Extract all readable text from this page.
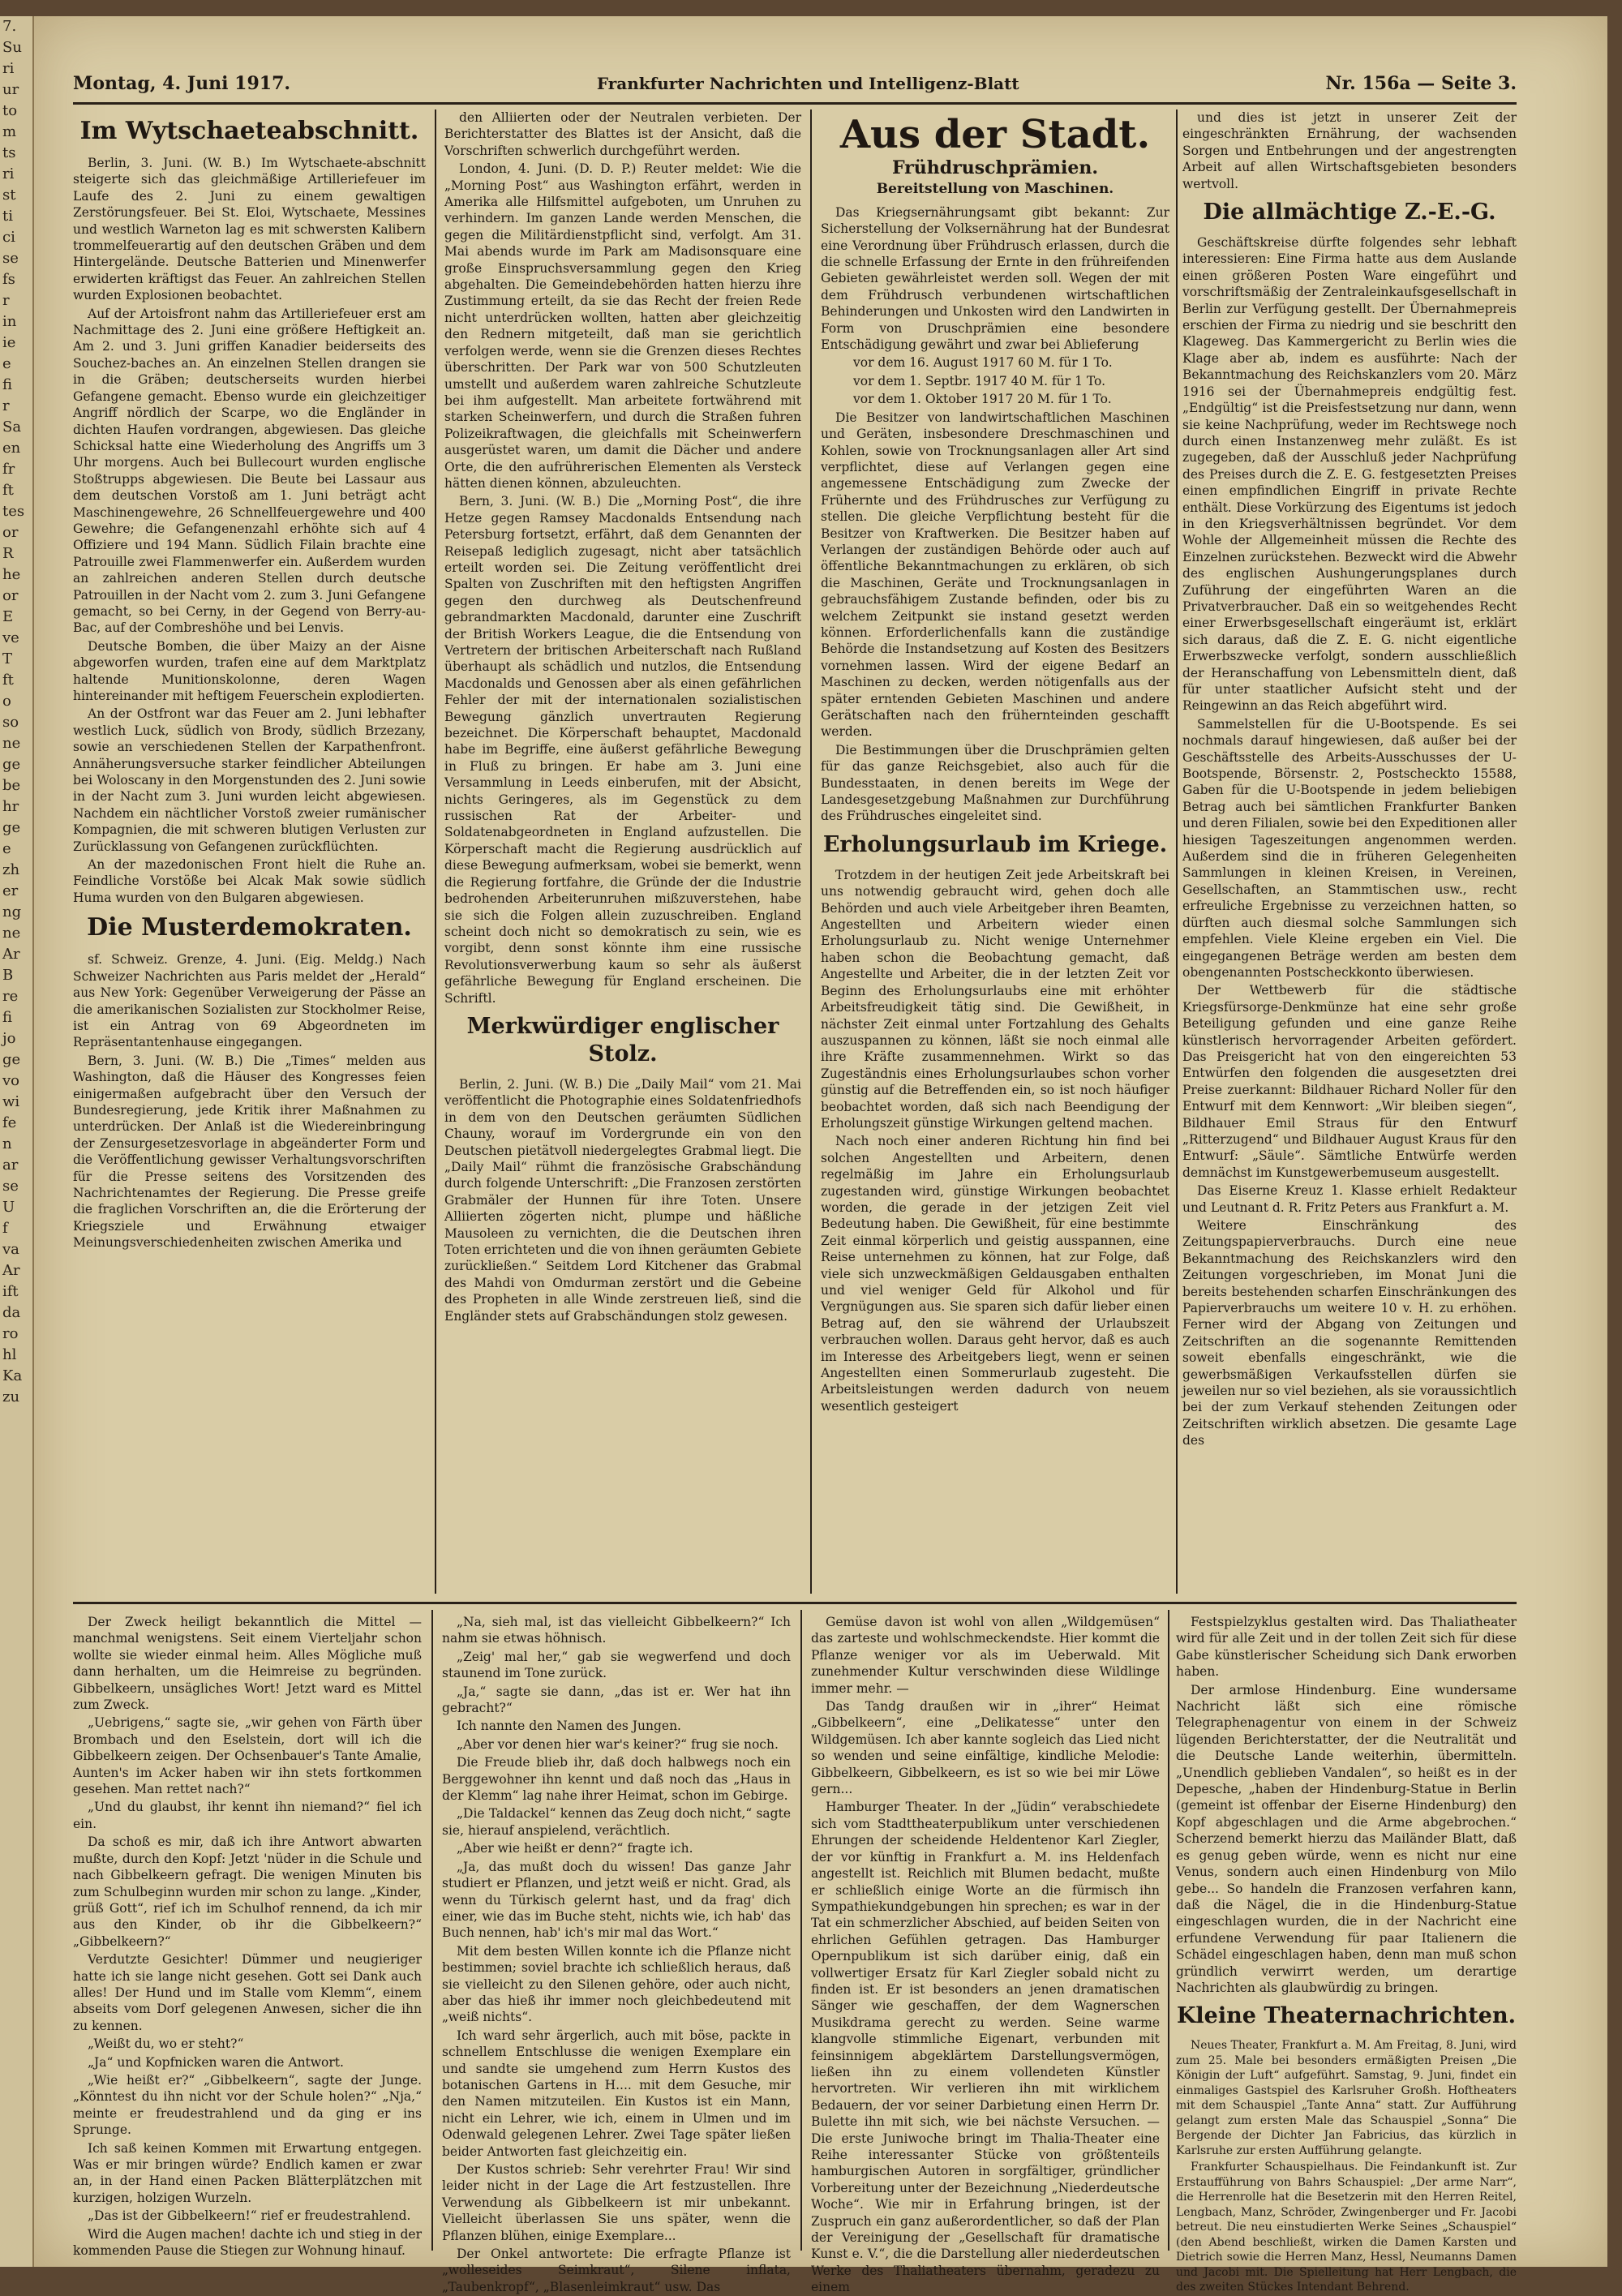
7.
Su
ri
ur
to
m
ts
ri
st
ti
ci
se
fs
r
in
ie
e
fi
r
Sa
en
fr
ft
tes
or
R
he
or
E
ve
T
ft
o
so
ne
ge
be
hr
ge
e
zh
er
ng
ne
Ar
B
re
fi
jo
ge
vo
wi
fe
n
ar
se
U
f
va
Ar
ift
da
ro
hl
Ka
zu
Montag, 4. Juni 1917.	Frankfurter Nachrichten und Intelligenz-Blatt	Nr. 156a — Seite 3.

Im Wytschaeteabschnitt.

Berlin, 3. Juni. (W. B.) Im Wytschaete-abschnitt steigerte sich das gleichmäßige Artilleriefeuer im Laufe des 2. Juni zu einem gewaltigen Zerstörungsfeuer. Bei St. Eloi, Wytschaete, Messines und westlich Warneton lag es mit schwersten Kalibern trommelfeuerartig auf den deutschen Gräben und dem Hintergelände. Deutsche Batterien und Minenwerfer erwiderten kräftigst das Feuer. An zahlreichen Stellen wurden Explosionen beobachtet.

Auf der Artoisfront nahm das Artilleriefeuer erst am Nachmittage des 2. Juni eine größere Heftigkeit an. Am 2. und 3. Juni griffen Kanadier beiderseits des Souchez-baches an. An einzelnen Stellen drangen sie in die Gräben; deutscherseits wurden hierbei Gefangene gemacht. Ebenso wurde ein gleichzeitiger Angriff nördlich der Scarpe, wo die Engländer in dichten Haufen vordrangen, abgewiesen. Das gleiche Schicksal hatte eine Wiederholung des Angriffs um 3 Uhr morgens. Auch bei Bullecourt wurden englische Stoßtrupps abgewiesen. Die Beute bei Lassaur aus dem deutschen Vorstoß am 1. Juni beträgt acht Maschinengewehre, 26 Schnellfeuergewehre und 400 Gewehre; die Gefangenenzahl erhöhte sich auf 4 Offiziere und 194 Mann. Südlich Filain brachte eine Patrouille zwei Flammenwerfer ein. Außerdem wurden an zahlreichen anderen Stellen durch deutsche Patrouillen in der Nacht vom 2. zum 3. Juni Gefangene gemacht, so bei Cerny, in der Gegend von Berry-au-Bac, auf der Combreshöhe und bei Lenvis.

Deutsche Bomben, die über Maizy an der Aisne abgeworfen wurden, trafen eine auf dem Marktplatz haltende Munitionskolonne, deren Wagen hintereinander mit heftigem Feuerschein explodierten.

An der Ostfront war das Feuer am 2. Juni lebhafter westlich Luck, südlich von Brody, südlich Brzezany, sowie an verschiedenen Stellen der Karpathenfront. Annäherungsversuche starker feindlicher Abteilungen bei Woloscany in den Morgenstunden des 2. Juni sowie in der Nacht zum 3. Juni wurden leicht abgewiesen. Nachdem ein nächtlicher Vorstoß zweier rumänischer Kompagnien, die mit schweren blutigen Verlusten zur Zurücklassung von Gefangenen zurückflüchten.

An der mazedonischen Front hielt die Ruhe an. Feindliche Vorstöße bei Alcak Mak sowie südlich Huma wurden von den Bulgaren abgewiesen.

Die Musterdemokraten.

sf. Schweiz. Grenze, 4. Juni. (Eig. Meldg.) Nach Schweizer Nachrichten aus Paris meldet der „Herald“ aus New York: Gegenüber Verweigerung der Pässe an die amerikanischen Sozialisten zur Stockholmer Reise, ist ein Antrag von 69 Abgeordneten im Repräsentantenhause eingegangen.

Bern, 3. Juni. (W. B.) Die „Times“ melden aus Washington, daß die Häuser des Kongresses feien einigermaßen aufgebracht über den Versuch der Bundesregierung, jede Kritik ihrer Maßnahmen zu unterdrücken. Der Anlaß ist die Wiedereinbringung der Zensurgesetzesvorlage in abgeänderter Form und die Veröffentlichung gewisser Verhaltungsvorschriften für die Presse seitens des Vorsitzenden des Nachrichtenamtes der Regierung. Die Presse greife die fraglichen Vorschriften an, die die Erörterung der Kriegsziele und Erwähnung etwaiger Meinungsverschiedenheiten zwischen Amerika und

den Alliierten oder der Neutralen verbieten. Der Berichterstatter des Blattes ist der Ansicht, daß die Vorschriften schwerlich durchgeführt werden.

London, 4. Juni. (D. D. P.) Reuter meldet: Wie die „Morning Post“ aus Washington erfährt, werden in Amerika alle Hilfsmittel aufgeboten, um Unruhen zu verhindern. Im ganzen Lande werden Menschen, die gegen die Militärdienstpflicht sind, verfolgt. Am 31. Mai abends wurde im Park am Madisonsquare eine große Einspruchsversammlung gegen den Krieg abgehalten. Die Gemeindebehörden hatten hierzu ihre Zustimmung erteilt, da sie das Recht der freien Rede nicht unterdrücken wollten, hatten aber gleichzeitig den Rednern mitgeteilt, daß man sie gerichtlich verfolgen werde, wenn sie die Grenzen dieses Rechtes überschritten. Der Park war von 500 Schutzleuten umstellt und außerdem waren zahlreiche Schutzleute bei ihm aufgestellt. Man arbeitete fortwährend mit starken Scheinwerfern, und durch die Straßen fuhren Polizeikraftwagen, die gleichfalls mit Scheinwerfern ausgerüstet waren, um damit die Dächer und andere Orte, die den aufrührerischen Elementen als Versteck hätten dienen können, abzuleuchten.

Bern, 3. Juni. (W. B.) Die „Morning Post“, die ihre Hetze gegen Ramsey Macdonalds Entsendung nach Petersburg fortsetzt, erfährt, daß dem Genannten der Reisepaß lediglich zugesagt, nicht aber tatsächlich erteilt worden sei. Die Zeitung veröffentlicht drei Spalten von Zuschriften mit den heftigsten Angriffen gegen den durchweg als Deutschenfreund gebrandmarkten Macdonald, darunter eine Zuschrift der British Workers League, die die Entsendung von Vertretern der britischen Arbeiterschaft nach Rußland überhaupt als schädlich und nutzlos, die Entsendung Macdonalds und Genossen aber als einen gefährlichen Fehler der mit der internationalen sozialistischen Bewegung gänzlich unvertrauten Regierung bezeichnet. Die Körperschaft behauptet, Macdonald habe im Begriffe, eine äußerst gefährliche Bewegung in Fluß zu bringen. Er habe am 3. Juni eine Versammlung in Leeds einberufen, mit der Absicht, nichts Geringeres, als im Gegenstück zu dem russischen Rat der Arbeiter- und Soldatenabgeordneten in England aufzustellen. Die Körperschaft macht die Regierung ausdrücklich auf diese Bewegung aufmerksam, wobei sie bemerkt, wenn die Regierung fortfahre, die Gründe der die Industrie bedrohenden Arbeiterunruhen mißzuverstehen, habe sie sich die Folgen allein zuzuschreiben. England scheint doch nicht so demokratisch zu sein, wie es vorgibt, denn sonst könnte ihm eine russische Revolutionsverwerbung kaum so sehr als äußerst gefährliche Bewegung für England erscheinen. Die Schriftl.

Merkwürdiger englischer Stolz.

Berlin, 2. Juni. (W. B.) Die „Daily Mail“ vom 21. Mai veröffentlicht die Photographie eines Soldatenfriedhofs in dem von den Deutschen geräumten Südlichen Chauny, worauf im Vordergrunde ein von den Deutschen pietätvoll niedergelegtes Grabmal liegt. Die „Daily Mail“ rühmt die französische Grabschändung durch folgende Unterschrift: „Die Franzosen zerstörten Grabmäler der Hunnen für ihre Toten. Unsere Alliierten zögerten nicht, plumpe und häßliche Mausoleen zu vernichten, die die Deutschen ihren Toten errichteten und die von ihnen geräumten Gebiete zurückließen.“ Seitdem Lord Kitchener das Grabmal des Mahdi von Omdurman zerstört und die Gebeine des Propheten in alle Winde zerstreuen ließ, sind die Engländer stets auf Grabschändungen stolz gewesen.

Aus der Stadt.

Frühdruschprämien.

Bereitstellung von Maschinen.

Das Kriegsernährungsamt gibt bekannt: Zur Sicherstellung der Volksernährung hat der Bundesrat eine Verordnung über Frühdrusch erlassen, durch die die schnelle Erfassung der Ernte in den frühreifenden Gebieten gewährleistet werden soll. Wegen der mit dem Frühdrusch verbundenen wirtschaftlichen Behinderungen und Unkosten wird den Landwirten in Form von Druschprämien eine besondere Entschädigung gewährt und zwar bei Ablieferung

vor dem 16. August 1917 60 M. für 1 To.

vor dem 1. Septbr. 1917 40 M. für 1 To.

vor dem 1. Oktober 1917 20 M. für 1 To.

Die Besitzer von landwirtschaftlichen Maschinen und Geräten, insbesondere Dreschmaschinen und Kohlen, sowie von Trocknungsanlagen aller Art sind verpflichtet, diese auf Verlangen gegen eine angemessene Entschädigung zum Zwecke der Frühernte und des Frühdrusches zur Verfügung zu stellen. Die gleiche Verpflichtung besteht für die Besitzer von Kraftwerken. Die Besitzer haben auf Verlangen der zuständigen Behörde oder auch auf öffentliche Bekanntmachungen zu erklären, ob sich die Maschinen, Geräte und Trocknungsanlagen in gebrauchsfähigem Zustande befinden, oder bis zu welchem Zeitpunkt sie instand gesetzt werden können. Erforderlichenfalls kann die zuständige Behörde die Instandsetzung auf Kosten des Besitzers vornehmen lassen. Wird der eigene Bedarf an Maschinen zu decken, werden nötigenfalls aus der später erntenden Gebieten Maschinen und andere Gerätschaften nach den frühernteinden geschafft werden.

Die Bestimmungen über die Druschprämien gelten für das ganze Reichsgebiet, also auch für die Bundesstaaten, in denen bereits im Wege der Landesgesetzgebung Maßnahmen zur Durchführung des Frühdrusches eingeleitet sind.

Erholungsurlaub im Kriege.

Trotzdem in der heutigen Zeit jede Arbeitskraft bei uns notwendig gebraucht wird, gehen doch alle Behörden und auch viele Arbeitgeber ihren Beamten, Angestellten und Arbeitern wieder einen Erholungsurlaub zu. Nicht wenige Unternehmer haben schon die Beobachtung gemacht, daß Angestellte und Arbeiter, die in der letzten Zeit vor Beginn des Erholungsurlaubs eine mit erhöhter Arbeitsfreudigkeit tätig sind. Die Gewißheit, in nächster Zeit einmal unter Fortzahlung des Gehalts auszuspannen zu können, läßt sie noch einmal alle ihre Kräfte zusammennehmen. Wirkt so das Zugeständnis eines Erholungsurlaubes schon vorher günstig auf die Betreffenden ein, so ist noch häufiger beobachtet worden, daß sich nach Beendigung der Erholungszeit günstige Wirkungen geltend machen.

Nach noch einer anderen Richtung hin find bei solchen Angestellten und Arbeitern, denen regelmäßig im Jahre ein Erholungsurlaub zugestanden wird, günstige Wirkungen beobachtet worden, die gerade in der jetzigen Zeit viel Bedeutung haben. Die Gewißheit, für eine bestimmte Zeit einmal körperlich und geistig ausspannen, eine Reise unternehmen zu können, hat zur Folge, daß viele sich unzweckmäßigen Geldausgaben enthalten und viel weniger Geld für Alkohol und für Vergnügungen aus. Sie sparen sich dafür lieber einen Betrag auf, den sie während der Urlaubszeit verbrauchen wollen. Daraus geht hervor, daß es auch im Interesse des Arbeitgebers liegt, wenn er seinen Angestellten einen Sommerurlaub zugesteht. Die Arbeitsleistungen werden dadurch von neuem wesentlich gesteigert

und dies ist jetzt in unserer Zeit der eingeschränkten Ernährung, der wachsenden Sorgen und Entbehrungen und der angestrengten Arbeit auf allen Wirtschaftsgebieten besonders wertvoll.

Die allmächtige Z.-E.-G.

Geschäftskreise dürfte folgendes sehr lebhaft interessieren: Eine Firma hatte aus dem Auslande einen größeren Posten Ware eingeführt und vorschriftsmäßig der Zentraleinkaufsgesellschaft in Berlin zur Verfügung gestellt. Der Übernahmepreis erschien der Firma zu niedrig und sie beschritt den Klageweg. Das Kammergericht zu Berlin wies die Klage aber ab, indem es ausführte: Nach der Bekanntmachung des Reichskanzlers vom 20. März 1916 sei der Übernahmepreis endgültig fest. „Endgültig“ ist die Preisfestsetzung nur dann, wenn sie keine Nachprüfung, weder im Rechtswege noch durch einen Instanzenweg mehr zuläßt. Es ist zugegeben, daß der Ausschluß jeder Nachprüfung des Preises durch die Z. E. G. festgesetzten Preises einen empfindlichen Eingriff in private Rechte enthält. Diese Vorkürzung des Eigentums ist jedoch in den Kriegsverhältnissen begründet. Vor dem Wohle der Allgemeinheit müssen die Rechte des Einzelnen zurückstehen. Bezweckt wird die Abwehr des englischen Aushungerungsplanes durch Zuführung der eingeführten Waren an die Privatverbraucher. Daß ein so weitgehendes Recht einer Erwerbsgesellschaft eingeräumt ist, erklärt sich daraus, daß die Z. E. G. nicht eigentliche Erwerbszwecke verfolgt, sondern ausschließlich der Heranschaffung von Lebensmitteln dient, daß für unter staatlicher Aufsicht steht und der Reingewinn an das Reich abgeführt wird.

Sammelstellen für die U-Bootspende. Es sei nochmals darauf hingewiesen, daß außer bei der Geschäftsstelle des Arbeits-Ausschusses der U-Bootspende, Börsenstr. 2, Postscheckto 15588, Gaben für die U-Bootspende in jedem beliebigen Betrag auch bei sämtlichen Frankfurter Banken und deren Filialen, sowie bei den Expeditionen aller hiesigen Tageszeitungen angenommen werden. Außerdem sind die in früheren Gelegenheiten Sammlungen in kleinen Kreisen, in Vereinen, Gesellschaften, an Stammtischen usw., recht erfreuliche Ergebnisse zu verzeichnen hatten, so dürften auch diesmal solche Sammlungen sich empfehlen. Viele Kleine ergeben ein Viel. Die eingegangenen Beträge werden am besten dem obengenannten Postscheckkonto überwiesen.

Der Wettbewerb für die städtische Kriegsfürsorge-Denkmünze hat eine sehr große Beteiligung gefunden und eine ganze Reihe künstlerisch hervorragender Arbeiten gefördert. Das Preisgericht hat von den eingereichten 53 Entwürfen den folgenden die ausgesetzten drei Preise zuerkannt: Bildhauer Richard Noller für den Entwurf mit dem Kennwort: „Wir bleiben siegen“, Bildhauer Emil Straus für den Entwurf „Ritterzugend“ und Bildhauer August Kraus für den Entwurf: „Säule“. Sämtliche Entwürfe werden demnächst im Kunstgewerbemuseum ausgestellt.

Das Eiserne Kreuz 1. Klasse erhielt Redakteur und Leutnant d. R. Fritz Peters aus Frankfurt a. M.

Weitere Einschränkung des Zeitungspapierverbrauchs. Durch eine neue Bekanntmachung des Reichskanzlers wird den Zeitungen vorgeschrieben, im Monat Juni die bereits bestehenden scharfen Einschränkungen des Papierverbrauchs um weitere 10 v. H. zu erhöhen. Ferner wird der Abgang von Zeitungen und Zeitschriften an die sogenannte Remittenden soweit ebenfalls eingeschränkt, wie die gewerbsmäßigen Verkaufsstellen dürfen sie jeweilen nur so viel beziehen, als sie voraussichtlich bei der zum Verkauf stehenden Zeitungen oder Zeitschriften wirklich absetzen. Die gesamte Lage des

Der Zweck heiligt bekanntlich die Mittel — manchmal wenigstens. Seit einem Vierteljahr schon wollte sie wieder einmal heim. Alles Mögliche muß dann herhalten, um die Heimreise zu begründen. Gibbelkeern, unsägliches Wort! Jetzt ward es Mittel zum Zweck.

„Uebrigens,“ sagte sie, „wir gehen von Färth über Brombach und den Eselstein, dort will ich die Gibbelkeern zeigen. Der Ochsenbauer's Tante Amalie, Aunten's im Acker haben wir ihn stets fortkommen gesehen. Man rettet nach?“

„Und du glaubst, ihr kennt ihn niemand?“ fiel ich ein.

Da schoß es mir, daß ich ihre Antwort abwarten mußte, durch den Kopf: Jetzt 'nüder in die Schule und nach Gibbelkeern gefragt. Die wenigen Minuten bis zum Schulbeginn wurden mir schon zu lange. „Kinder, grüß Gott“, rief ich im Schulhof rennend, da ich mir aus den Kinder, ob ihr die Gibbelkeern?“ „Gibbelkeern?“

Verdutzte Gesichter! Dümmer und neugieriger hatte ich sie lange nicht gesehen. Gott sei Dank auch alles! Der Hund und im Stalle vom Klemm“, einem abseits vom Dorf gelegenen Anwesen, sicher die ihn zu kennen.

„Weißt du, wo er steht?“

„Ja“ und Kopfnicken waren die Antwort.

„Wie heißt er?“ „Gibbelkeern“, sagte der Junge. „Könntest du ihn nicht vor der Schule holen?“ „Nja,“ meinte er freudestrahlend und da ging er ins Sprunge.

Ich saß keinen Kommen mit Erwartung entgegen. Was er mir bringen würde? Endlich kamen er zwar an, in der Hand einen Packen Blätterplätzchen mit kurzigen, holzigen Wurzeln.

„Das ist der Gibbelkeern!“ rief er freudestrahlend.

Wird die Augen machen! dachte ich und stieg in der kommenden Pause die Stiegen zur Wohnung hinauf.

„Na, sieh mal, ist das vielleicht Gibbelkeern?“ Ich nahm sie etwas höhnisch.

„Zeig' mal her,“ gab sie wegwerfend und doch staunend im Tone zurück.

„Ja,“ sagte sie dann, „das ist er. Wer hat ihn gebracht?“

Ich nannte den Namen des Jungen.

„Aber vor denen hier war's keiner?“ frug sie noch.

Die Freude blieb ihr, daß doch halbwegs noch ein Berggewohner ihn kennt und daß noch das „Haus in der Klemm“ lag nahe ihrer Heimat, schon im Gebirge.

„Die Taldackel“ kennen das Zeug doch nicht,“ sagte sie, hierauf anspielend, verächtlich.

„Aber wie heißt er denn?“ fragte ich.

„Ja, das mußt doch du wissen! Das ganze Jahr studiert er Pflanzen, und jetzt weiß er nicht. Grad, als wenn du Türkisch gelernt hast, und da frag' dich einer, wie das im Buche steht, nichts wie, ich hab' das Buch nennen, hab' ich's mir mal das Wort.“

Mit dem besten Willen konnte ich die Pflanze nicht bestimmen; soviel brachte ich schließlich heraus, daß sie vielleicht zu den Silenen gehöre, oder auch nicht, aber das hieß ihr immer noch gleichbedeutend mit „weiß nichts“.

Ich ward sehr ärgerlich, auch mit böse, packte in schnellem Entschlusse die wenigen Exemplare ein und sandte sie umgehend zum Herrn Kustos des botanischen Gartens in H.... mit dem Gesuche, mir den Namen mitzuteilen. Ein Kustos ist ein Mann, nicht ein Lehrer, wie ich, einem in Ulmen und im Odenwald gelegenen Lehrer. Zwei Tage später ließen beider Antworten fast gleichzeitig ein.

Der Kustos schrieb: Sehr verehrter Frau! Wir sind leider nicht in der Lage die Art festzustellen. Ihre Verwendung als Gibbelkeern ist mir unbekannt. Vielleicht überlassen Sie uns später, wenn die Pflanzen blühen, einige Exemplare...

Der Onkel antwortete: Die erfragte Pflanze ist „wolleseides Seimkraut“, Silene inflata, „Taubenkropf“, „Blasenleimkraut“ usw. Das

Gemüse davon ist wohl von allen „Wildgemüsen“ das zarteste und wohlschmeckendste. Hier kommt die Pflanze weniger vor als im Ueberwald. Mit zunehmender Kultur verschwinden diese Wildlinge immer mehr. —

Das Tandg draußen wir in „ihrer“ Heimat „Gibbelkeern“, eine „Delikatesse“ unter den Wildgemüsen. Ich aber kannte sogleich das Lied nicht so wenden und seine einfältige, kindliche Melodie: Gibbelkeern, Gibbelkeern, es ist so wie bei mir Löwe gern...

Hamburger Theater. In der „Jüdin“ verabschiedete sich vom Stadttheaterpublikum unter verschiedenen Ehrungen der scheidende Heldentenor Karl Ziegler, der vor künftig in Frankfurt a. M. ins Heldenfach angestellt ist. Reichlich mit Blumen bedacht, mußte er schließlich einige Worte an die fürmisch ihn Sympathiekundgebungen hin sprechen; es war in der Tat ein schmerzlicher Abschied, auf beiden Seiten von ehrlichen Gefühlen getragen. Das Hamburger Opernpublikum ist sich darüber einig, daß ein vollwertiger Ersatz für Karl Ziegler sobald nicht zu finden ist. Er ist besonders an jenen dramatischen Sänger wie geschaffen, der dem Wagnerschen Musikdrama gerecht zu werden. Seine warme klangvolle stimmliche Eigenart, verbunden mit feinsinnigem abgeklärtem Darstellungsvermögen, ließen ihn zu einem vollendeten Künstler hervortreten. Wir verlieren ihn mit wirklichem Bedauern, der vor seiner Darbietung einen Herrn Dr. Bulette ihn mit sich, wie bei nächste Versuchen. — Die erste Juniwoche bringt im Thalia-Theater eine Reihe interessanter Stücke von größtenteils hamburgischen Autoren in sorgfältiger, gründlicher Vorbereitung unter der Bezeichnung „Niederdeutsche Woche“. Wie mir in Erfahrung bringen, ist der Zuspruch ein ganz außerordentlicher, so daß der Plan der Vereinigung der „Gesellschaft für dramatische Kunst e. V.“, die die Darstellung aller niederdeutschen Werke des Thaliatheaters übernahm, geradezu zu einem

Festspielzyklus gestalten wird. Das Thaliatheater wird für alle Zeit und in der tollen Zeit sich für diese Gabe künstlerischer Scheidung sich Dank erworben haben.

Der armlose Hindenburg. Eine wundersame Nachricht läßt sich eine römische Telegraphenagentur von einem in der Schweiz lügenden Berichterstatter, der die Neutralität und die Deutsche Lande weiterhin, übermitteln. „Unendlich geblieben Vandalen“, so heißt es in der Depesche, „haben der Hindenburg-Statue in Berlin (gemeint ist offenbar der Eiserne Hindenburg) den Kopf abgeschlagen und die Arme abgebrochen.“ Scherzend bemerkt hierzu das Mailänder Blatt, daß es genug geben würde, wenn es nicht nur eine Venus, sondern auch einen Hindenburg von Milo gebe... So handeln die Franzosen verfahren kann, daß die Nägel, die in die Hindenburg-Statue eingeschlagen wurden, die in der Nachricht eine erfundene Verwendung für paar Italienern die Schädel eingeschlagen haben, denn man muß schon gründlich verwirrt werden, um derartige Nachrichten als glaubwürdig zu bringen.

Kleine Theaternachrichten.

Neues Theater, Frankfurt a. M. Am Freitag, 8. Juni, wird zum 25. Male bei besonders ermäßigten Preisen „Die Königin der Luft“ aufgeführt. Samstag, 9. Juni, findet ein einmaliges Gastspiel des Karlsruher Großh. Hoftheaters mit dem Schauspiel „Tante Anna“ statt. Zur Aufführung gelangt zum ersten Male das Schauspiel „Sonna“ Die Bergende der Dichter Jan Fabricius, das kürzlich in Karlsruhe zur ersten Aufführung gelangte.

Frankfurter Schauspielhaus. Die Feindankunft ist. Zur Erstaufführung von Bahrs Schauspiel: „Der arme Narr“, die Herrenrolle hat die Besetzerin mit den Herren Reitel, Lengbach, Manz, Schröder, Zwingenberger und Fr. Jacobi betreut. Die neu einstudierten Werke Seines „Schauspiel“ (den Abend beschließt, wirken die Damen Karsten und Dietrich sowie die Herren Manz, Hessl, Neumanns Damen und Jacobi mit. Die Spielleitung hat Herr Lengbach, die des zweiten Stückes Intendant Behrend.
